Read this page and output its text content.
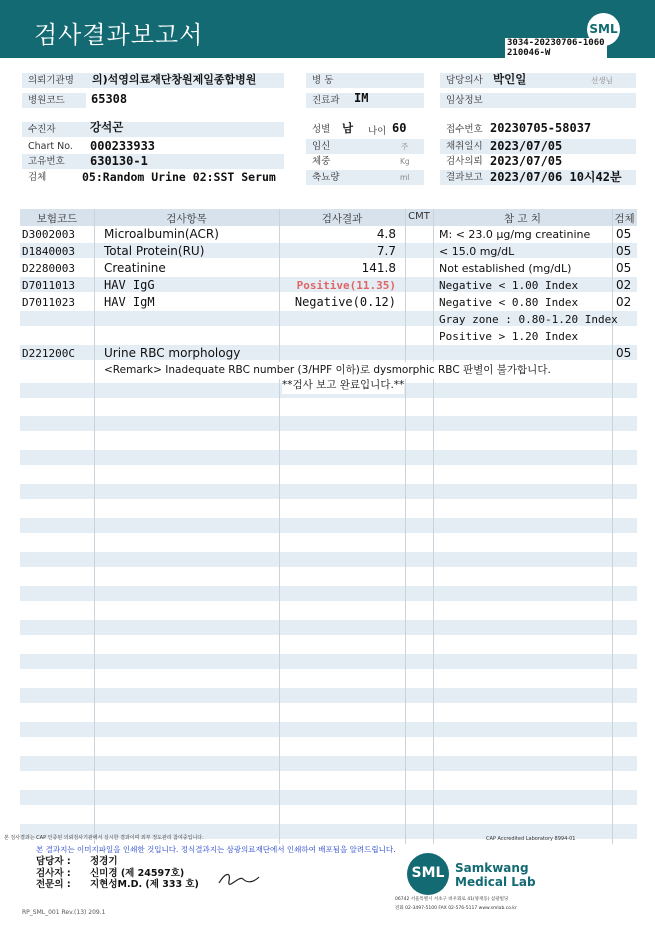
검사결과보고서	SML
3034-20230706-1060
210046-W
의뢰기관명	의)석영의료재단창원제일종합병원	병 동	담당의사 박인일	선생님
병원코드	65308	진료과	IM	임상정보
수진자	강석곤	성별	남 나이 60	접수번호 20230705-58037
Chart No.	000233933	임신	주	채취일시 2023/07/05
고유번호	630130-1	체중	Kg	검사의뢰 2023/07/05
검체	05:Random Urine 02:SST Serum	축뇨량	ml	결과보고 2023/07/06 10시42분
보험코드	검사항목	검사결과	CMT	참 고 치	검체
D3002003 Microalbumin(ACR)	4.8	M: < 23.0 µg/mg creatinine 05
D1840003 Total Protein(RU)	7.7	< 15.0 mg/dL	05
D2280003 Creatinine	141.8	Not established (mg/dL)	05
D7011013 HAV IgG	Positive(11.35)	Negative < 1.00 Index	02
D7011023 HAV IgM	Negative(0.12)	Negative < 0.80 Index	02
Gray zone : 0.80-1.20 Index
Positive > 1.20 Index
D221200C Urine RBC morphology	05
<Remark> Inadequate RBC number (3/HPF 이하)로 dysmorphic RBC 판별이 불가합니다.
**검사 보고 완료입니다.**
본 검사결과는 CAP 인증된 의뢰검사기관에서 실시한 결과이며 외부 정도관리 참여중입니다.	CAP Accredited Laboratory 8994-01
본 결과지는 이미지파일을 인쇄한 것입니다. 정식결과지는 삼광의료재단에서 인쇄하여 배포됨을 알려드립니다.
담당자 : 정경기
검사자 : 신미경 (제 24597호)
전문의 : 지현성M.D. (제 333 호)
SML Samkwang
Medical Lab
06742 서울특별시 서초구 바우뫼로 41(양재동) 삼광빌딩
전화 02-3497-5100 FAX 02-576-5117 www.smlab.co.kr
RP_SML_001 Rev.(13) 209.1
